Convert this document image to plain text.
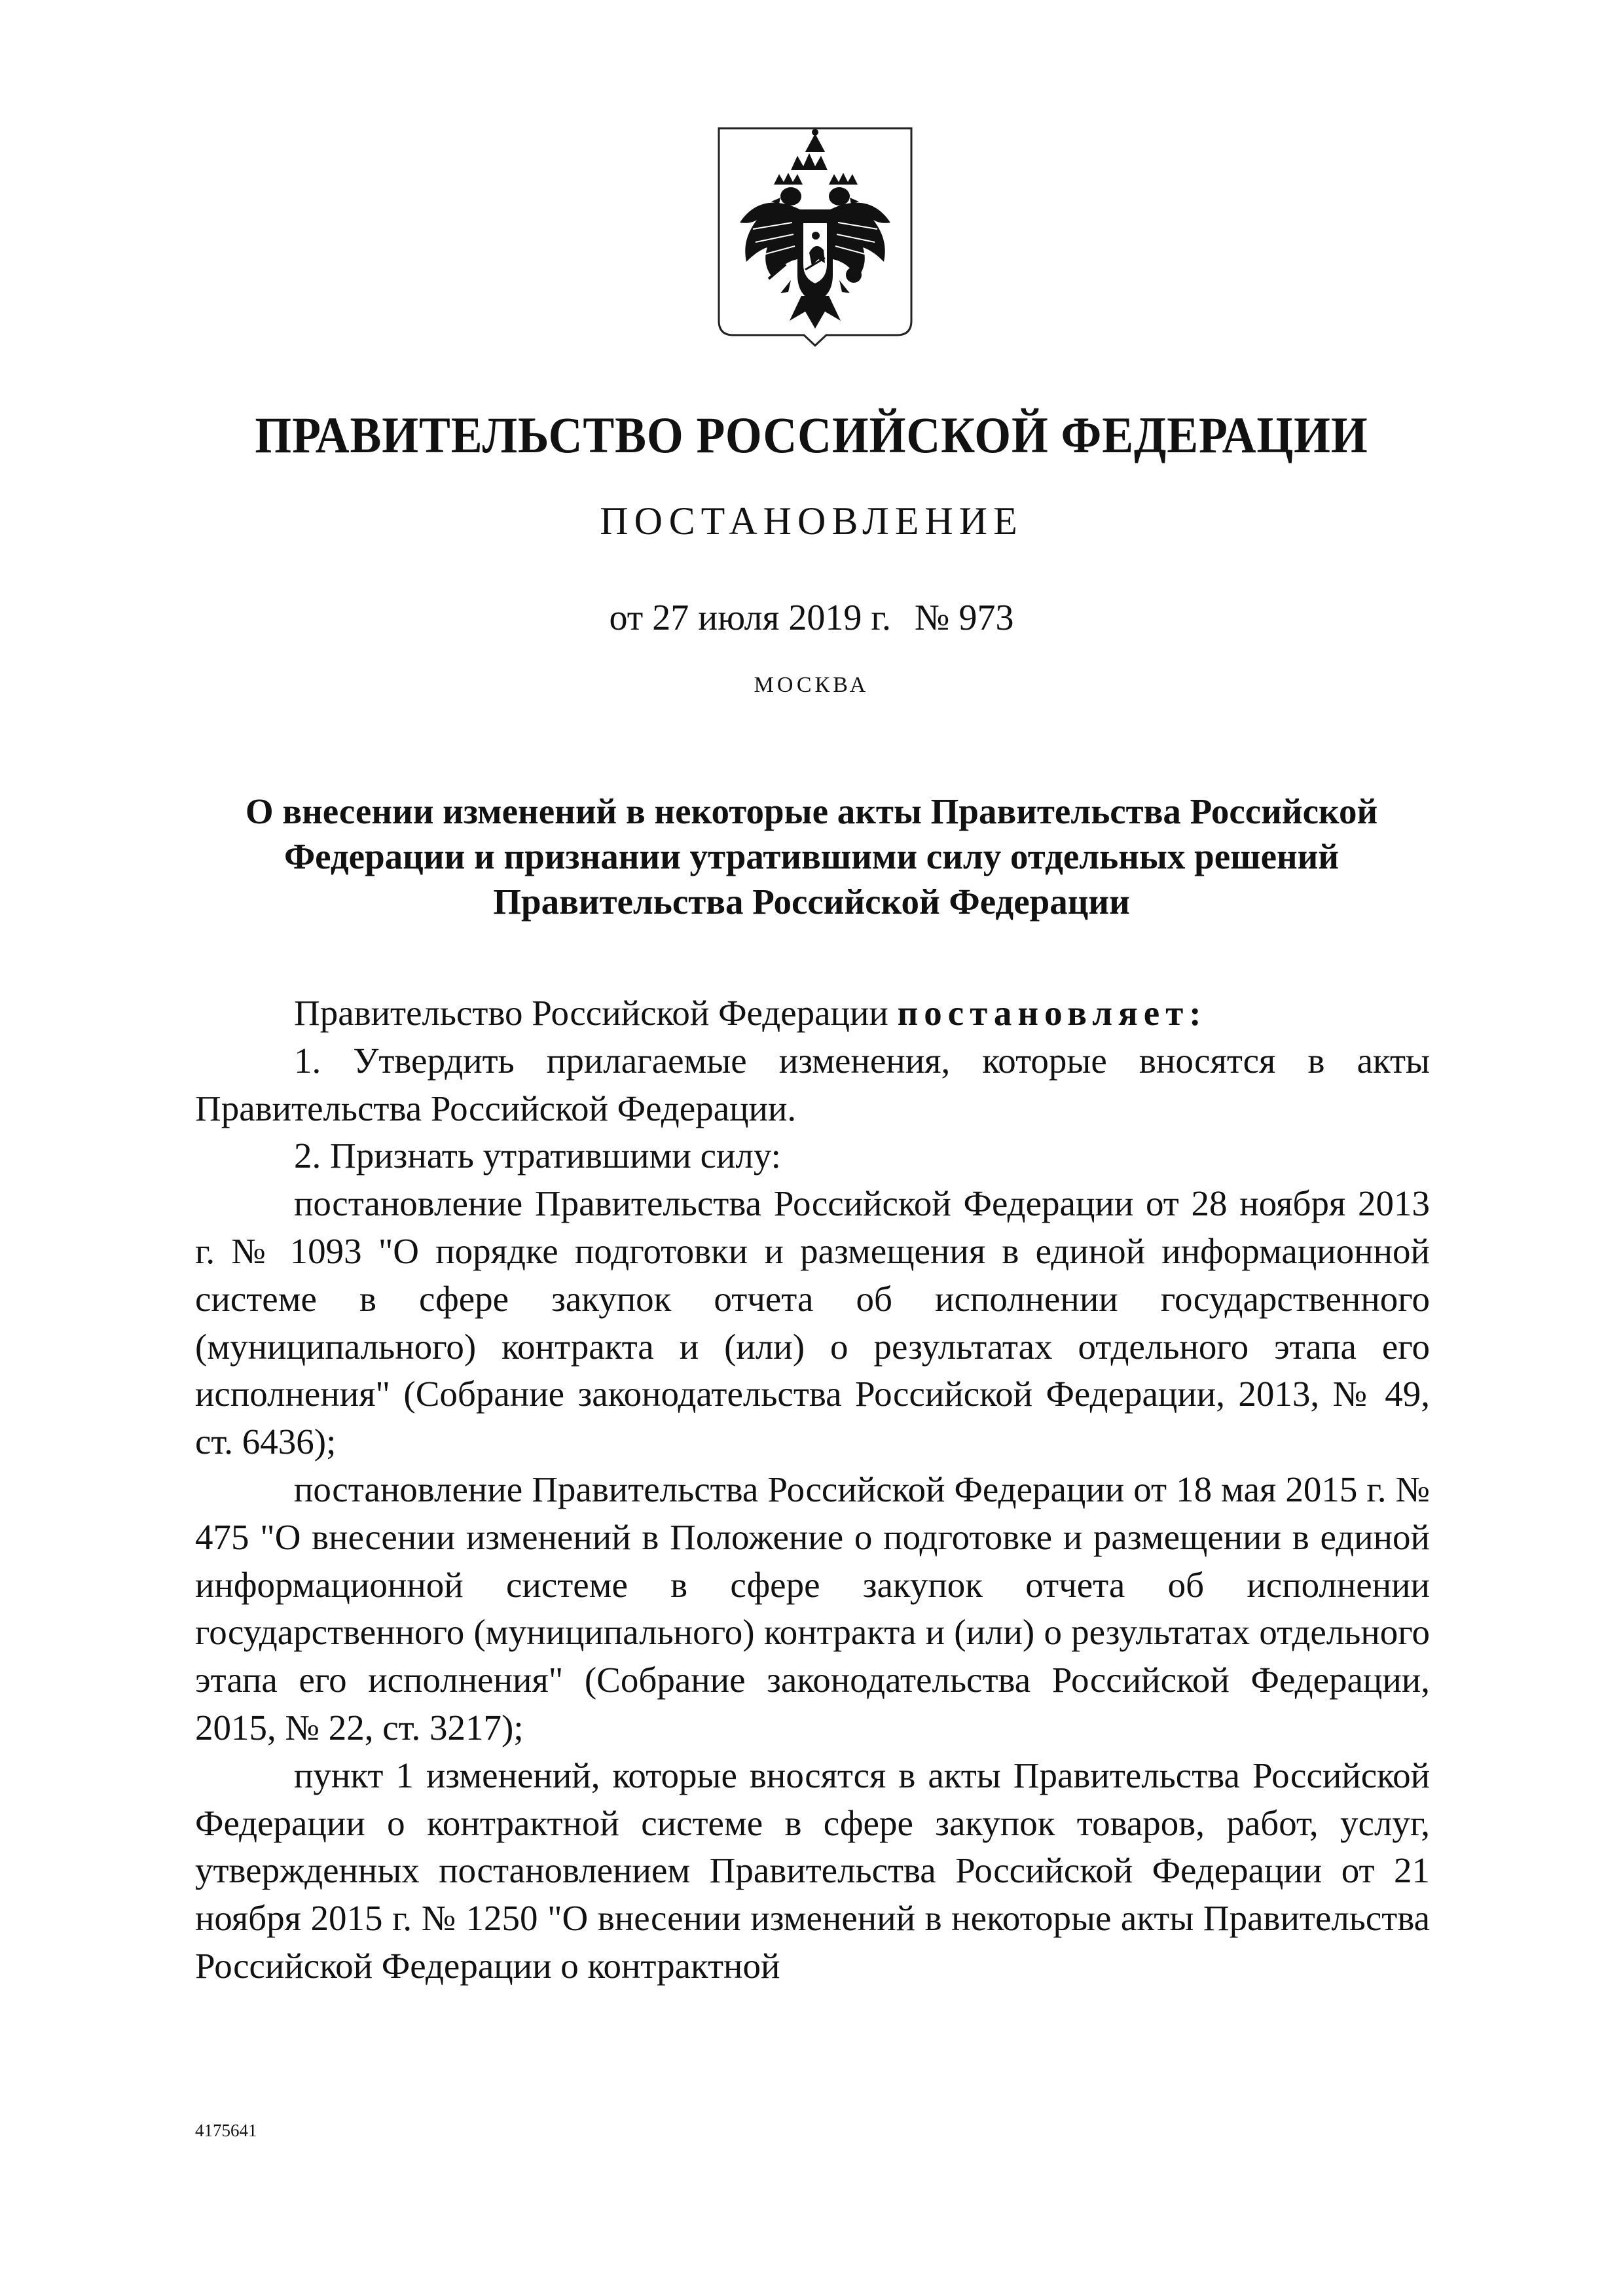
ПРАВИТЕЛЬСТВО РОССИЙСКОЙ ФЕДЕРАЦИИ
ПОСТАНОВЛЕНИЕ
от 27 июля 2019 г. № 973
МОСКВА
О внесении изменений в некоторые акты Правительства Российской Федерации и признании утратившими силу отдельных решений Правительства Российской Федерации

Правительство Российской Федерации постановляет:

1. Утвердить прилагаемые изменения, которые вносятся в акты Правительства Российской Федерации.

2. Признать утратившими силу:

постановление Правительства Российской Федерации от 28 ноября 2013 г. № 1093 "О порядке подготовки и размещения в единой информационной системе в сфере закупок отчета об исполнении государственного (муниципального) контракта и (или) о результатах отдельного этапа его исполнения" (Собрание законодательства Российской Федерации, 2013, № 49, ст. 6436);

постановление Правительства Российской Федерации от 18 мая 2015 г. № 475 "О внесении изменений в Положение о подготовке и размещении в единой информационной системе в сфере закупок отчета об исполнении государственного (муниципального) контракта и (или) о результатах отдельного этапа его исполнения" (Собрание законодательства Российской Федерации, 2015, № 22, ст. 3217);

пункт 1 изменений, которые вносятся в акты Правительства Российской Федерации о контрактной системе в сфере закупок товаров, работ, услуг, утвержденных постановлением Правительства Российской Федерации от 21 ноября 2015 г. № 1250 "О внесении изменений в некоторые акты Правительства Российской Федерации о контрактной

4175641
